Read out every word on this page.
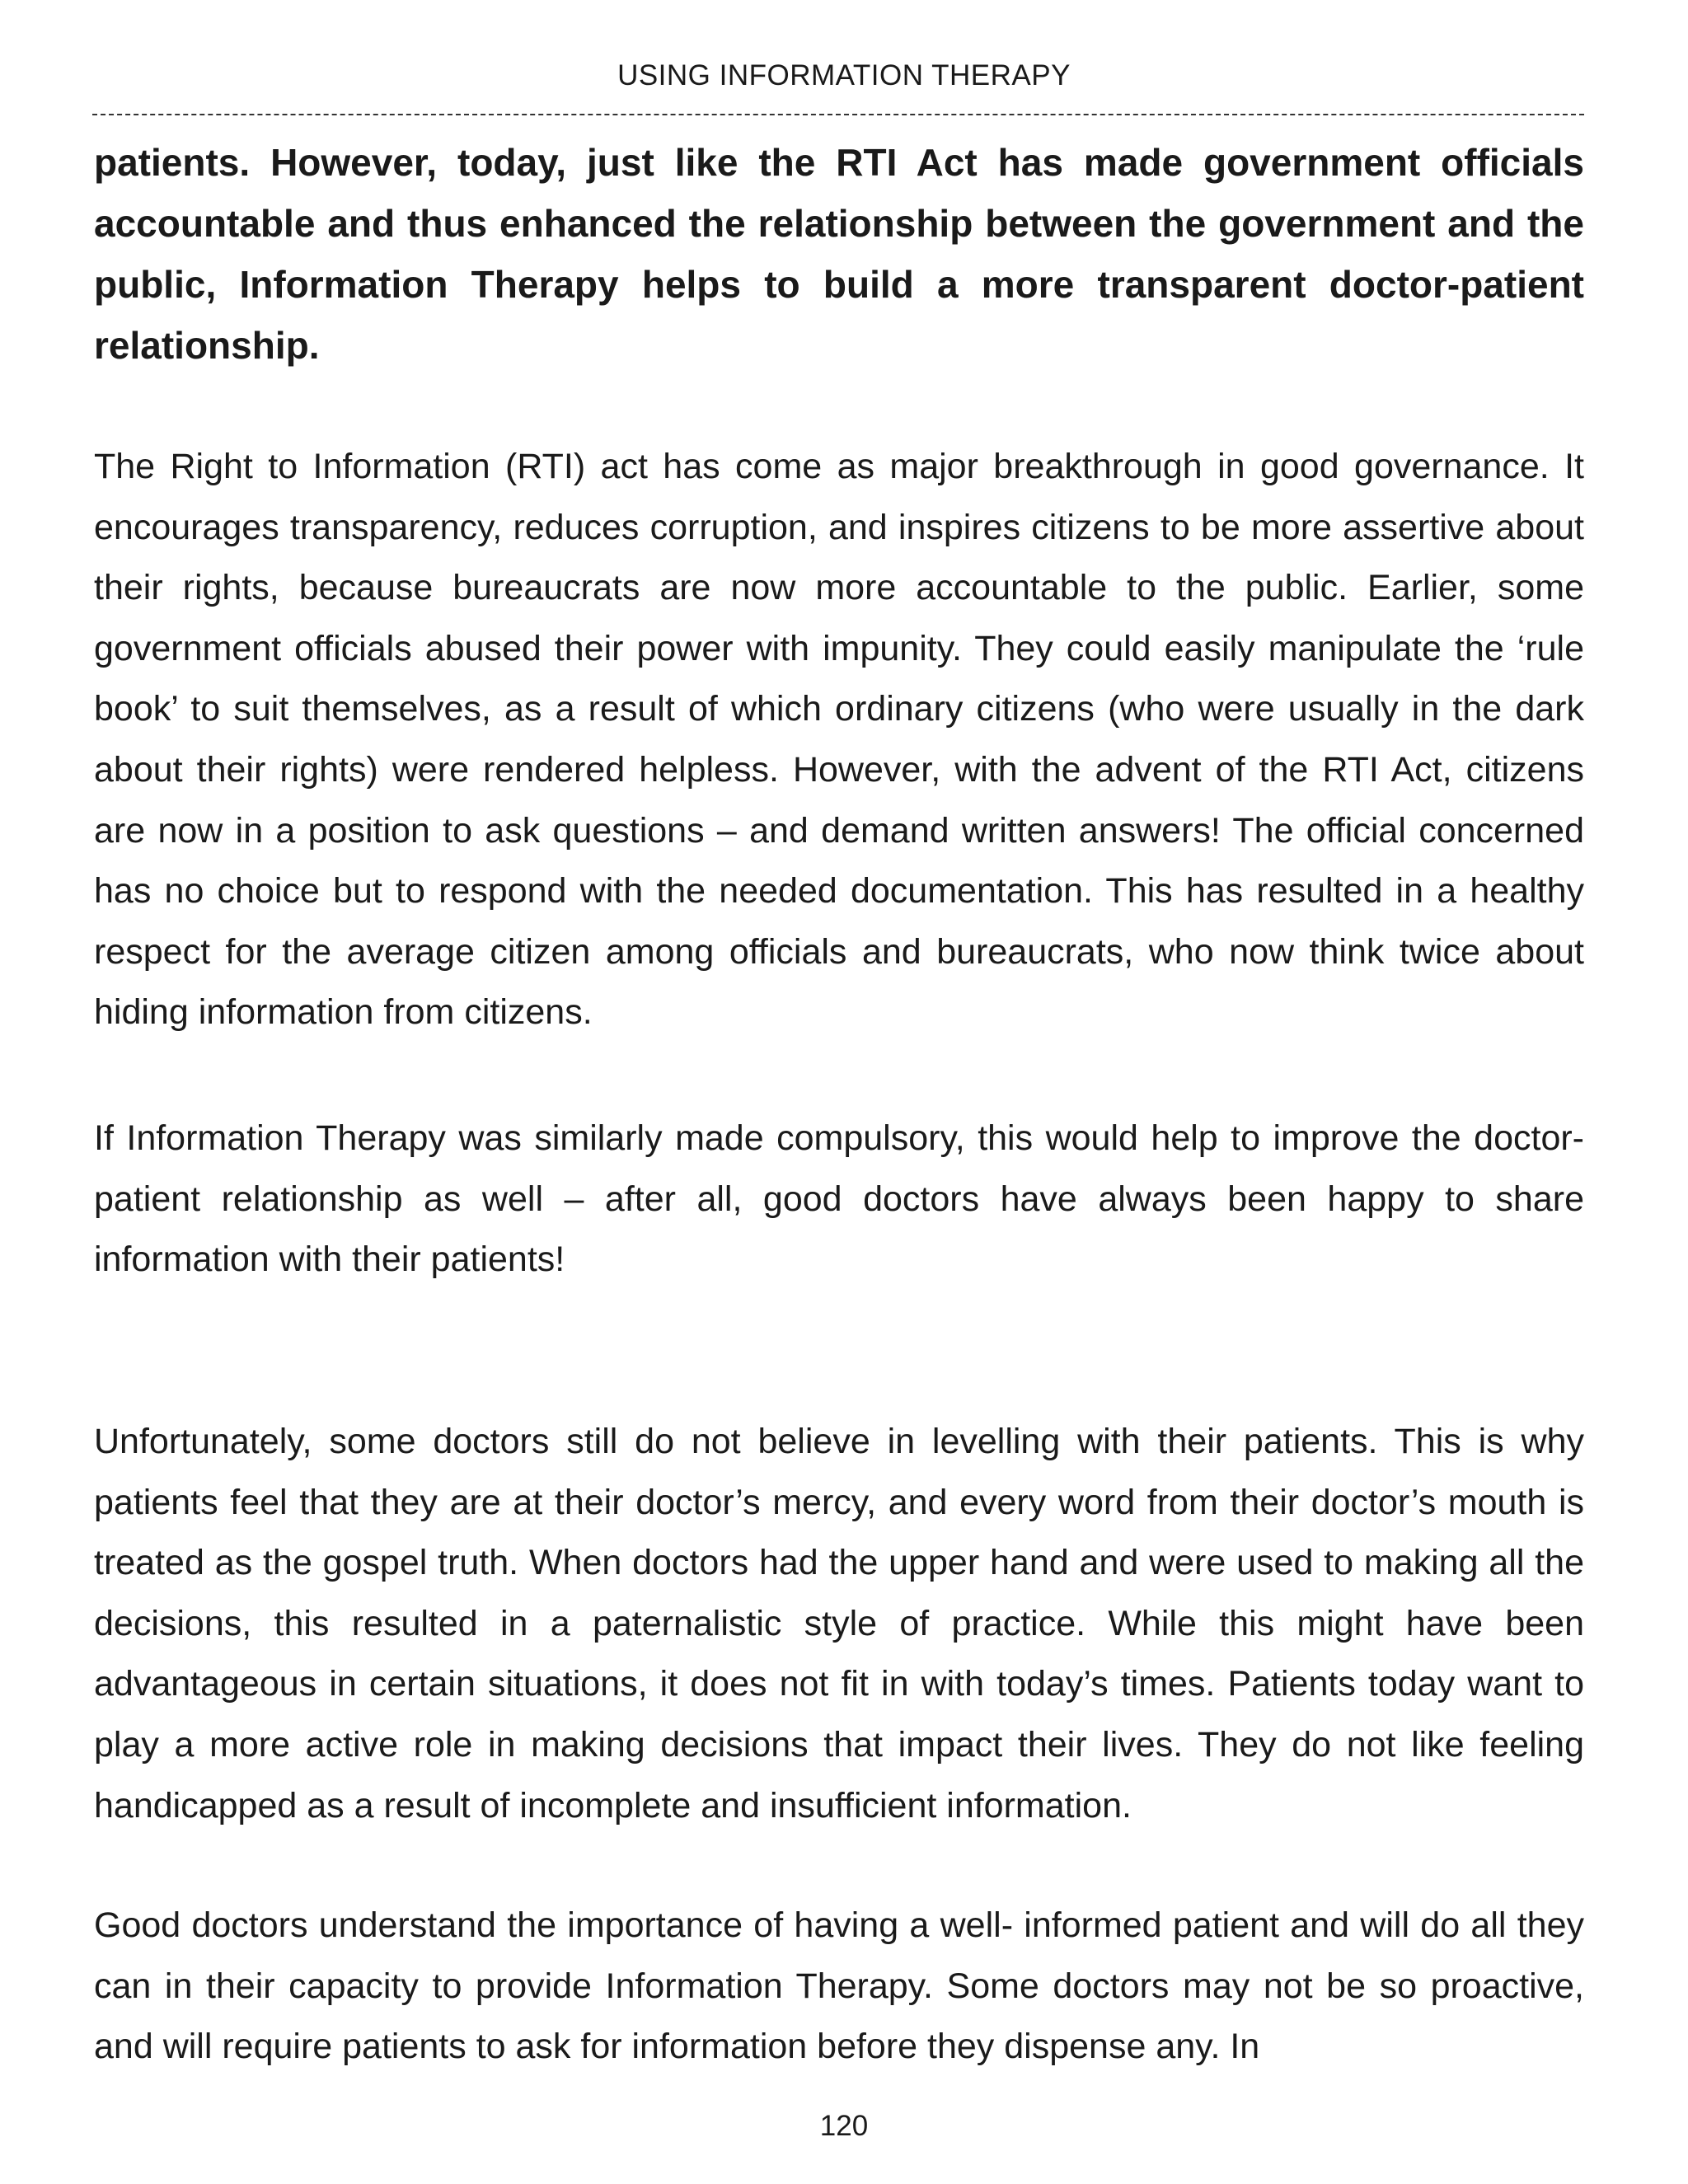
USING INFORMATION THERAPY

patients. However, today, just like the RTI Act has made government officials accountable and thus enhanced the relationship between the government and the public, Information Therapy helps to build a more transparent doctor-patient relationship.

The Right to Information (RTI) act has come as major breakthrough in good governance. It encourages transparency, reduces corruption, and inspires citizens to be more assertive about their rights, because bureaucrats are now more accountable to the public. Earlier, some government officials abused their power with impunity. They could easily manipulate the ‘rule book’ to suit themselves, as a result of which ordinary citizens (who were usually in the dark about their rights) were rendered helpless. However, with the advent of the RTI Act, citizens are now in a position to ask questions – and demand written answers! The official concerned has no choice but to respond with the needed documentation. This has resulted in a healthy respect for the average citizen among officials and bureaucrats, who now think twice about hiding information from citizens.

If Information Therapy was similarly made compulsory, this would help to improve the doctor-patient relationship as well – after all, good doctors have always been happy to share information with their patients!

Unfortunately, some doctors still do not believe in levelling with their patients. This is why patients feel that they are at their doctor’s mercy, and every word from their doctor’s mouth is treated as the gospel truth. When doctors had the upper hand and were used to making all the decisions, this resulted in a paternalistic style of practice. While this might have been advantageous in certain situations, it does not fit in with today’s times. Patients today want to play a more active role in making decisions that impact their lives. They do not like feeling handicapped as a result of incomplete and insufficient information.

Good doctors understand the importance of having a well- informed patient and will do all they can in their capacity to provide Information Therapy. Some doctors may not be so proactive, and will require patients to ask for information before they dispense any. In

120
